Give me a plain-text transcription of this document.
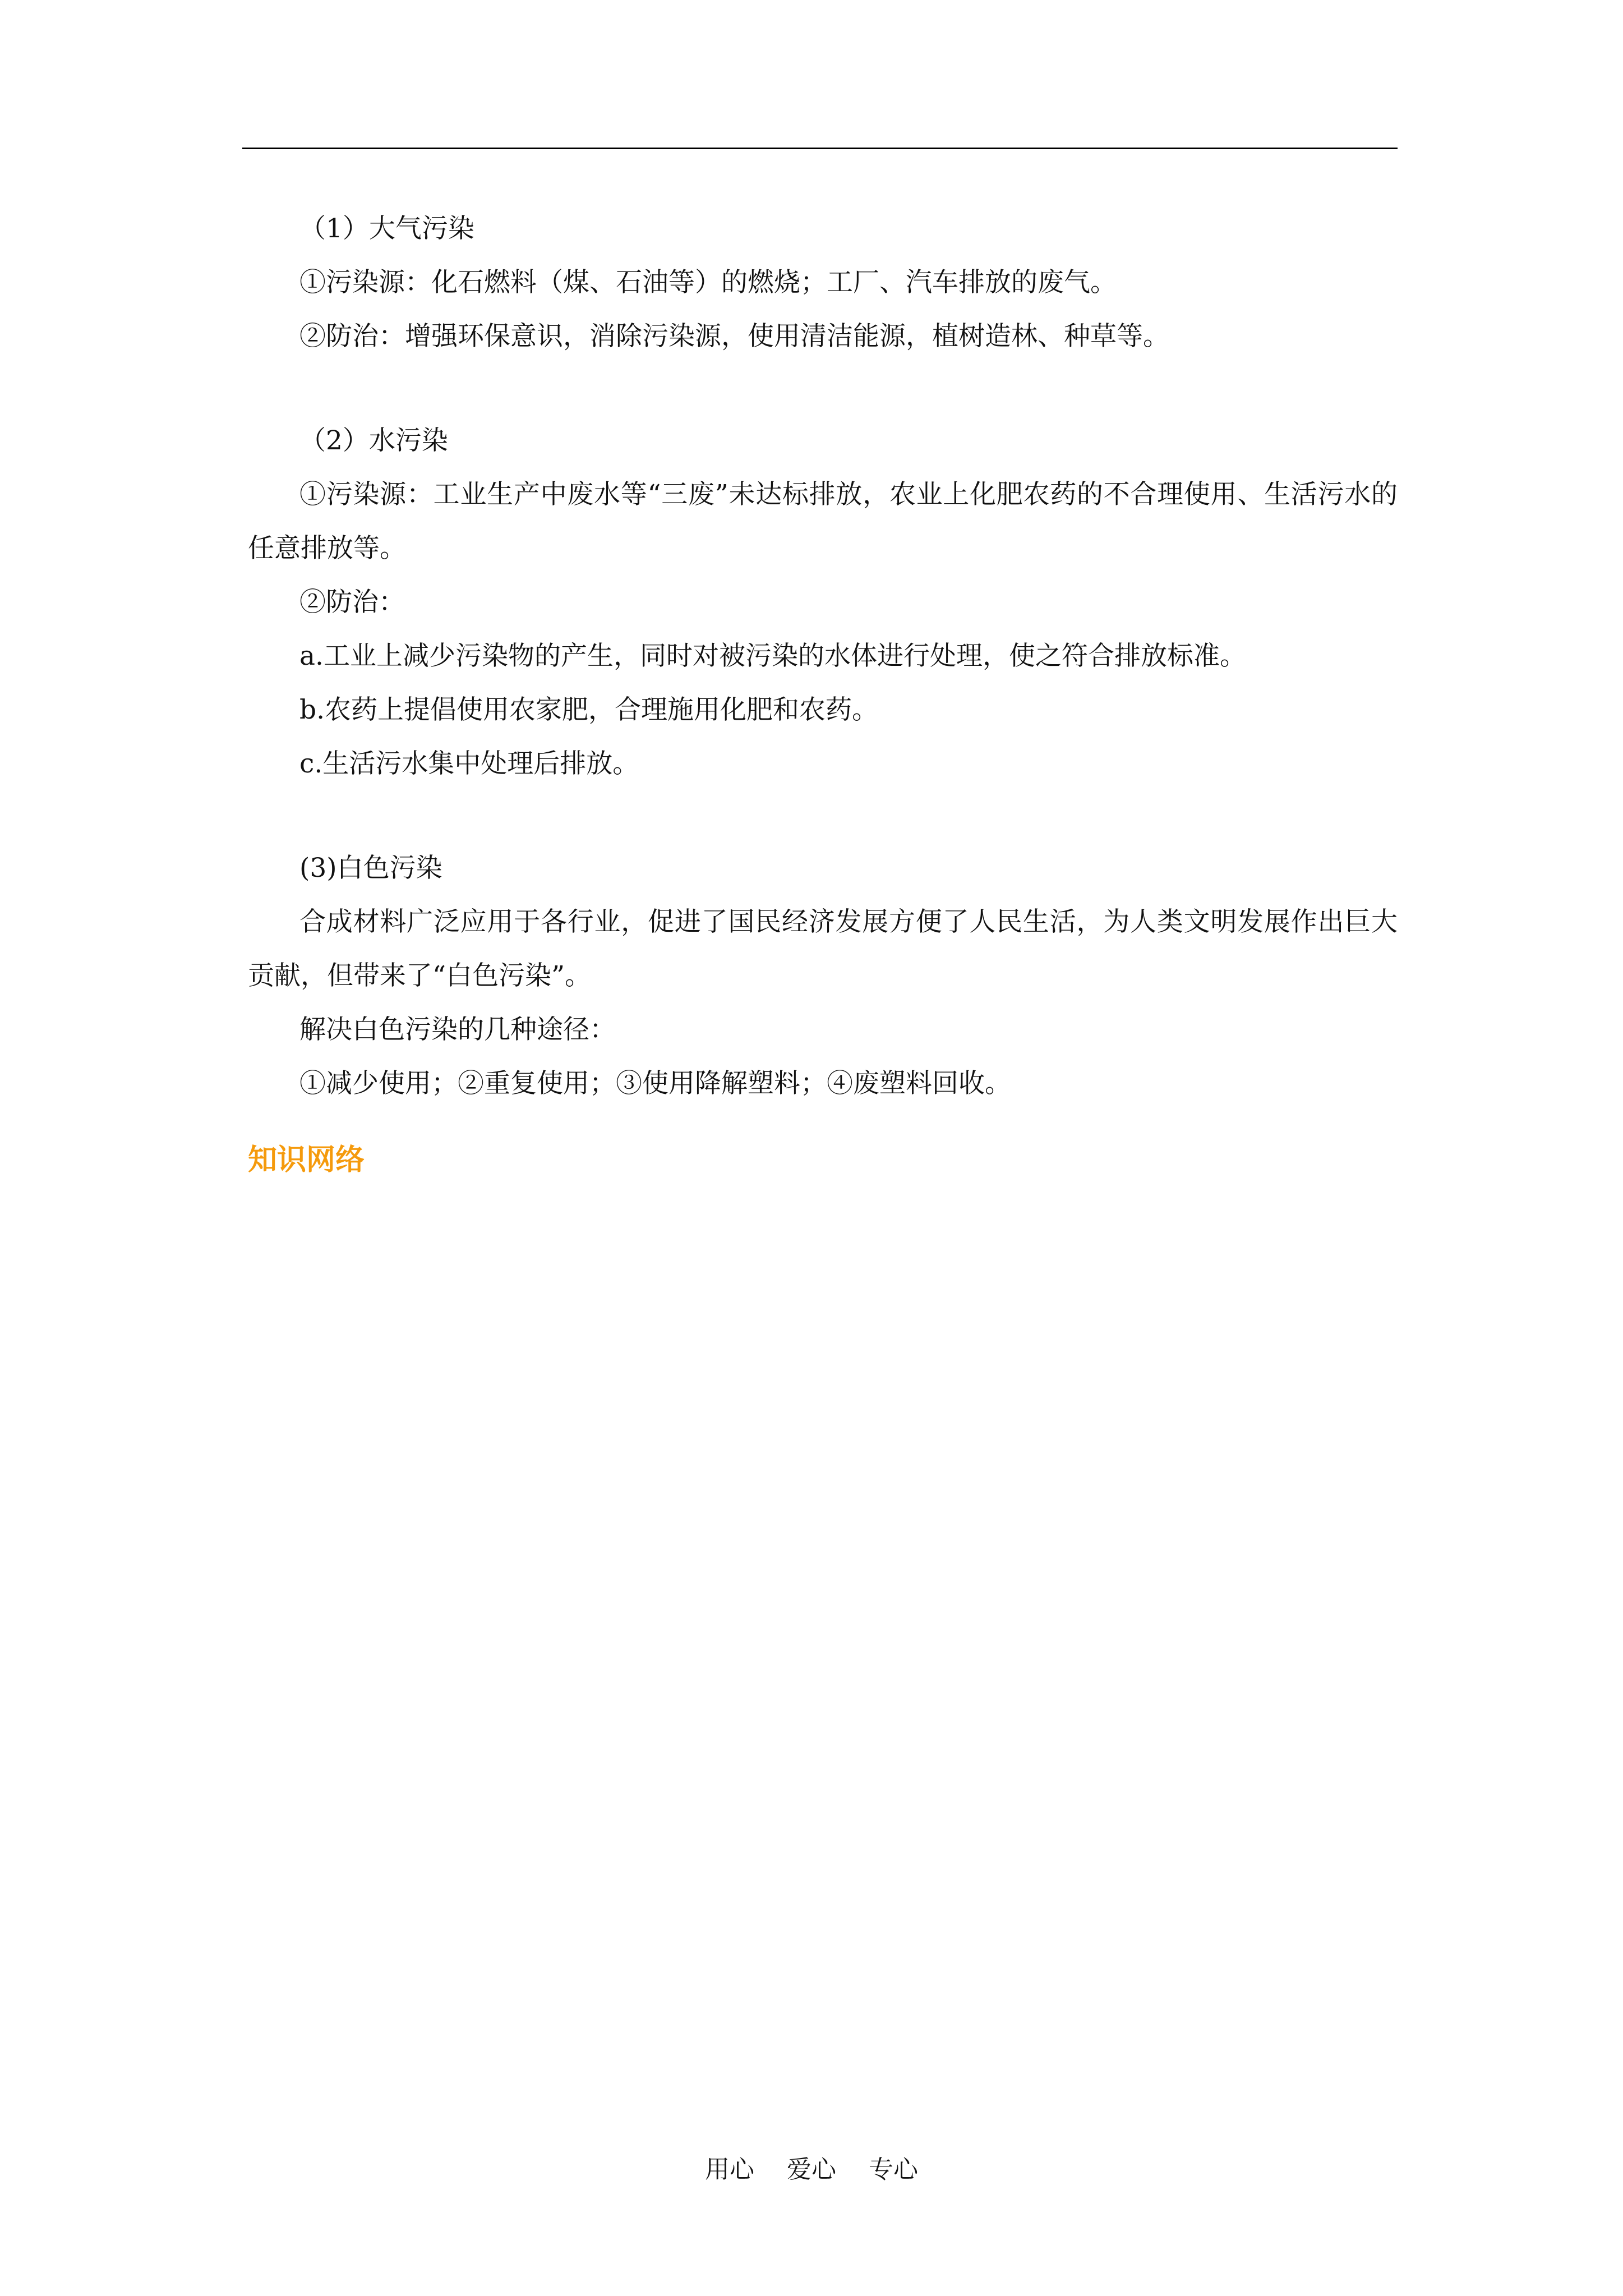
（1）大气污染

①污染源：化石燃料（煤、石油等）的燃烧；工厂、汽车排放的废气。

②防治：增强环保意识，消除污染源，使用清洁能源，植树造林、种草等。

（2）水污染

①污染源：工业生产中废水等“三废”未达标排放，农业上化肥农药的不合理使用、生活污水的任意排放等。

②防治：

a.工业上减少污染物的产生，同时对被污染的水体进行处理，使之符合排放标准。

b.农药上提倡使用农家肥，合理施用化肥和农药。

c.生活污水集中处理后排放。

(3)白色污染

合成材料广泛应用于各行业，促进了国民经济发展方便了人民生活，为人类文明发展作出巨大贡献，但带来了“白色污染”。

解决白色污染的几种途径：

①减少使用；②重复使用；③使用降解塑料；④废塑料回收。

知识网络
用心 爱心 专心
